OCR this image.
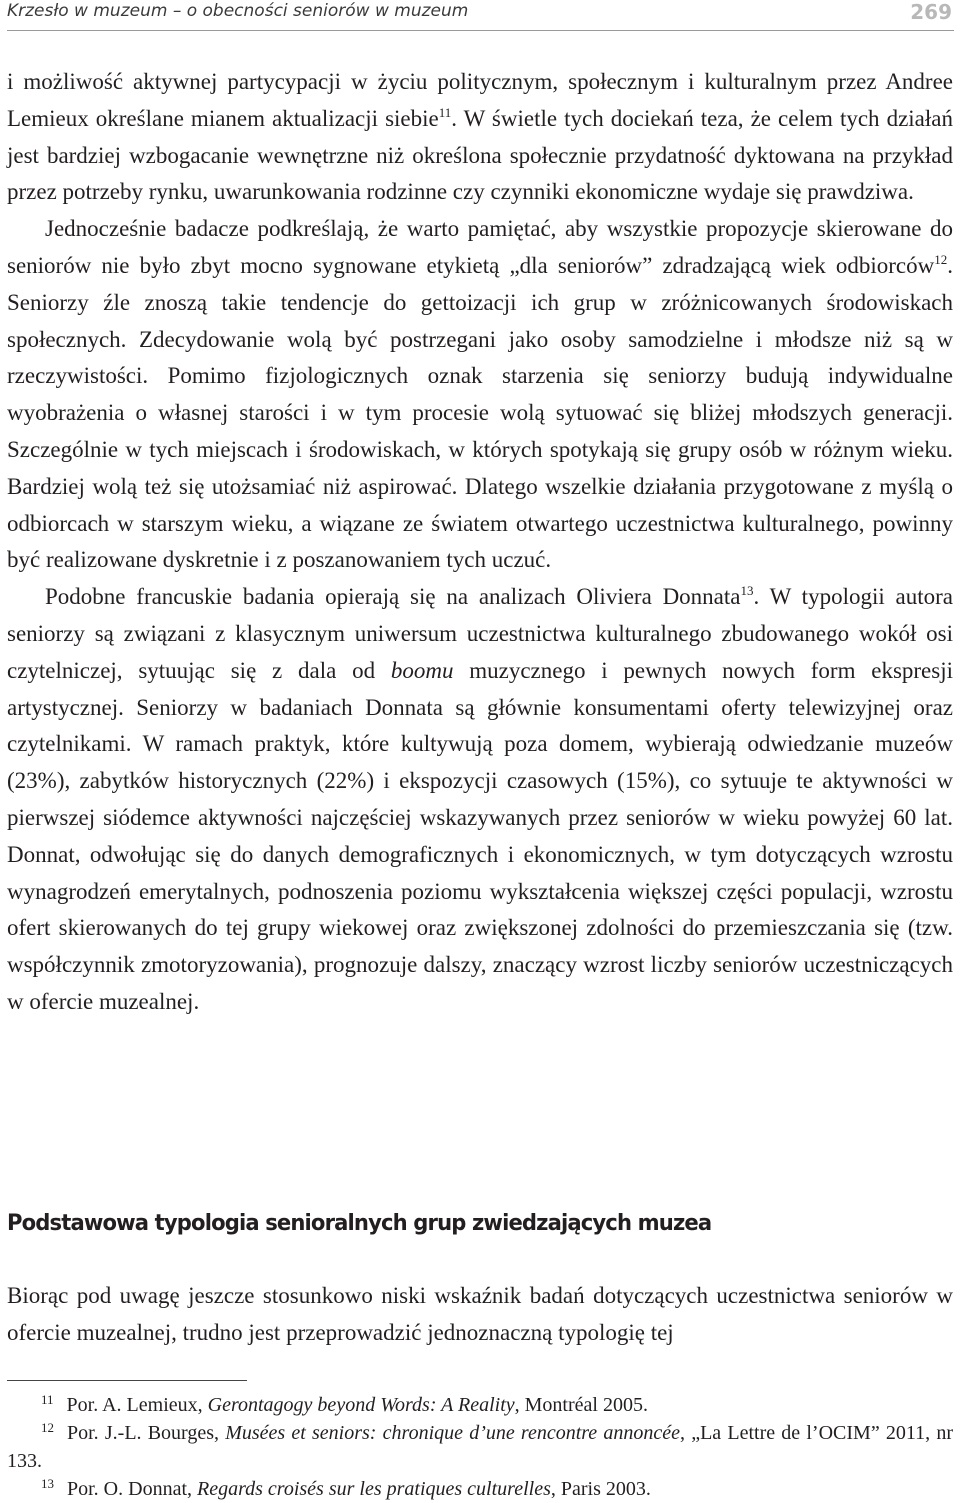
Krzesło w muzeum – o obecności seniorów w muzeum	269

i możliwość aktywnej partycypacji w życiu politycznym, społecznym i kulturalnym przez Andree Lemieux określane mianem aktualizacji siebie$^{11}$. W świetle tych dociekań teza, że celem tych działań jest bardziej wzbogacanie wewnętrzne niż określona społecznie przydatność dyktowana na przykład przez potrzeby rynku, uwarunkowania rodzinne czy czynniki ekonomiczne wydaje się prawdziwa.

Jednocześnie badacze podkreślają, że warto pamiętać, aby wszystkie propozycje skierowane do seniorów nie było zbyt mocno sygnowane etykietą „dla seniorów” zdradzającą wiek odbiorców$^{12}$. Seniorzy źle znoszą takie tendencje do gettoizacji ich grup w zróżnicowanych środowiskach społecznych. Zdecydowanie wolą być postrzegani jako osoby samodzielne i młodsze niż są w rzeczywistości. Pomimo fizjologicznych oznak starzenia się seniorzy budują indywidualne wyobrażenia o własnej starości i w tym procesie wolą sytuować się bliżej młodszych generacji. Szczególnie w tych miejscach i środowiskach, w których spotykają się grupy osób w różnym wieku. Bardziej wolą też się utożsamiać niż aspirować. Dlatego wszelkie działania przygotowane z myślą o odbiorcach w starszym wieku, a wiązane ze światem otwartego uczestnictwa kulturalnego, powinny być realizowane dyskretnie i z poszanowaniem tych uczuć.

Podobne francuskie badania opierają się na analizach Oliviera Donnata$^{13}$. W typologii autora seniorzy są związani z klasycznym uniwersum uczestnictwa kulturalnego zbudowanego wokół osi czytelniczej, sytuując się z dala od boomu muzycznego i pewnych nowych form ekspresji artystycznej. Seniorzy w badaniach Donnata są głównie konsumentami oferty telewizyjnej oraz czytelnikami. W ramach praktyk, które kultywują poza domem, wybierają odwiedzanie muzeów (23%), zabytków historycznych (22%) i ekspozycji czasowych (15%), co sytuuje te aktywności w pierwszej siódemce aktywności najczęściej wskazywanych przez seniorów w wieku powyżej 60 lat. Donnat, odwołując się do danych demograficznych i ekonomicznych, w tym dotyczących wzrostu wynagrodzeń emerytalnych, podnoszenia poziomu wykształcenia większej części populacji, wzrostu ofert skierowanych do tej grupy wiekowej oraz zwiększonej zdolności do przemieszczania się (tzw. współczynnik zmotoryzowania), prognozuje dalszy, znaczący wzrost liczby seniorów uczestniczących w ofercie muzealnej.

Podstawowa typologia senioralnych grup zwiedzających muzea

Biorąc pod uwagę jeszcze stosunkowo niski wskaźnik badań dotyczących uczestnictwa seniorów w ofercie muzealnej, trudno jest przeprowadzić jednoznaczną typologię tej

$^{11}$ Por. A. Lemieux, Gerontagogy beyond Words: A Reality, Montréal 2005.

$^{12}$ Por. J.-L. Bourges, Musées et seniors: chronique d’une rencontre annoncée, „La Lettre de l’OCIM” 2011, nr 133.

$^{13}$ Por. O. Donnat, Regards croisés sur les pratiques culturelles, Paris 2003.
